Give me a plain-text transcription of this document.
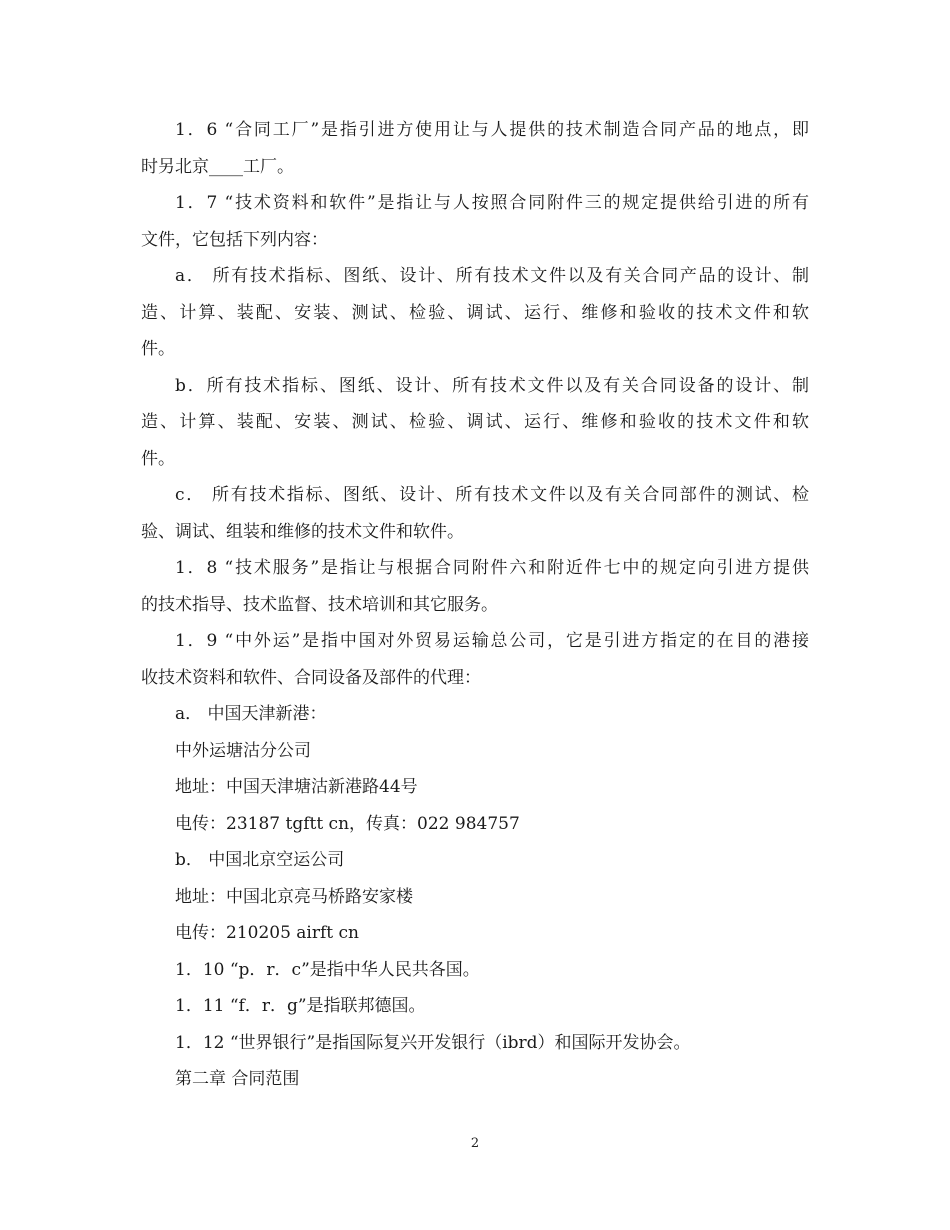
1．6 “合同工厂”是指引进方使用让与人提供的技术制造合同产品的地点，即
时另北京____工厂。
1．7 “技术资料和软件”是指让与人按照合同附件三的规定提供给引进的所有
文件，它包括下列内容：
a． 所有技术指标、图纸、设计、所有技术文件以及有关合同产品的设计、制
造、计算、装配、安装、测试、检验、调试、运行、维修和验收的技术文件和软
件。
b．所有技术指标、图纸、设计、所有技术文件以及有关合同设备的设计、制
造、计算、装配、安装、测试、检验、调试、运行、维修和验收的技术文件和软
件。
c． 所有技术指标、图纸、设计、所有技术文件以及有关合同部件的测试、检
验、调试、组装和维修的技术文件和软件。
1．8 “技术服务”是指让与根据合同附件六和附近件七中的规定向引进方提供
的技术指导、技术监督、技术培训和其它服务。
1．9 “中外运”是指中国对外贸易运输总公司，它是引进方指定的在目的港接
收技术资料和软件、合同设备及部件的代理：
a． 中国天津新港：
中外运塘沽分公司
地址：中国天津塘沽新港路44号
电传：23187 tgftt cn，传真：022 984757
b． 中国北京空运公司
地址：中国北京亮马桥路安家楼
电传：210205 airft cn
1．10 “p．r．c”是指中华人民共各国。
1．11 “f．r．g”是指联邦德国。
1．12 “世界银行”是指国际复兴开发银行（ibrd）和国际开发协会。
第二章 合同范围
2
